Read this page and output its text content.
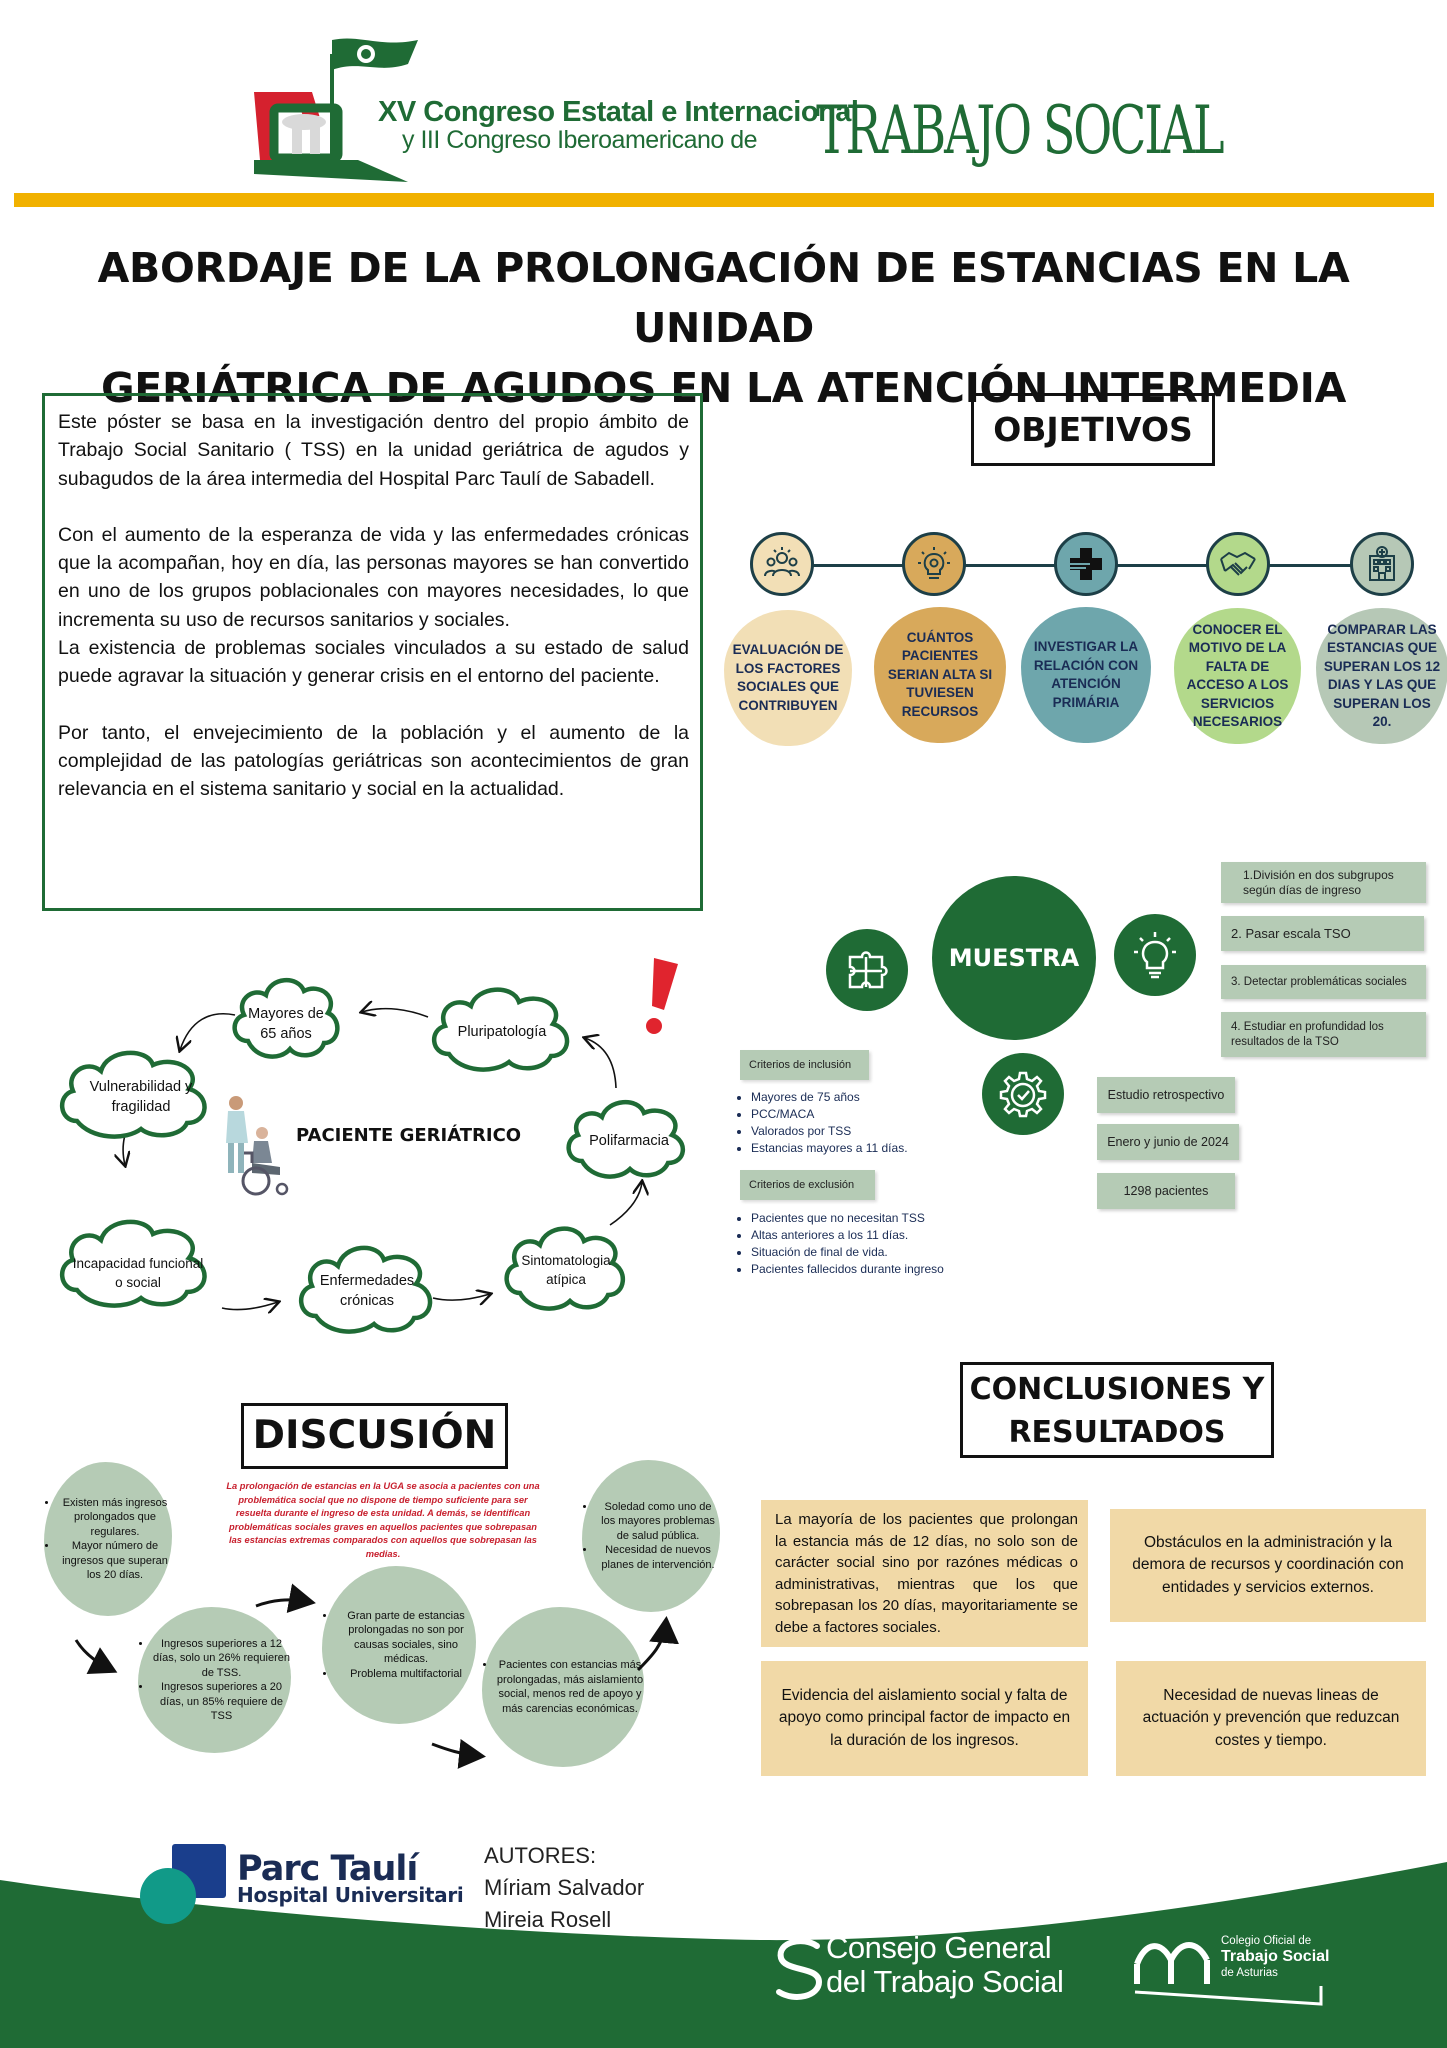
XV Congreso Estatal e Internacional
y III Congreso Iberoamericano de TRABAJO SOCIAL
ABORDAJE DE LA PROLONGACIÓN DE ESTANCIAS EN LA UNIDAD
GERIÁTRICA DE AGUDOS EN LA ATENCIÓN INTERMEDIA

Este póster se basa en la investigación dentro del propio ámbito de Trabajo Social Sanitario ( TSS) en la unidad geriátrica de agudos y subagudos de la área intermedia del Hospital Parc Taulí de Sabadell.

Con el aumento de la esperanza de vida y las enfermedades crónicas que la acompañan, hoy en día, las personas mayores se han convertido en uno de los grupos poblacionales con mayores necesidades, lo que incrementa su uso de recursos sanitarios y sociales.

La existencia de problemas sociales vinculados a su estado de salud puede agravar la situación y generar crisis en el entorno del paciente.

Por tanto, el envejecimiento de la población y el aumento de la complejidad de las patologías geriátricas son acontecimientos de gran relevancia en el sistema sanitario y social en la actualidad.

OBJETIVOS
EVALUACIÓN DE LOS FACTORES SOCIALES QUE CONTRIBUYEN
CUÁNTOS PACIENTES SERIAN ALTA SI TUVIESEN RECURSOS
INVESTIGAR LA RELACIÓN CON ATENCIÓN PRIMÁRIA
CONOCER EL MOTIVO DE LA FALTA DE ACCESO A LOS SERVICIOS NECESARIOS
COMPARAR LAS ESTANCIAS QUE SUPERAN LOS 12 DIAS Y LAS QUE SUPERAN LOS 20.
1.División en dos subgrupos según días de ingreso
2. Pasar escala TSO
3. Detectar problemáticas sociales
4. Estudiar en profundidad los resultados de la TSO
MUESTRA
Criterios de inclusión
• Mayores de 75 años
• PCC/MACA
• Valorados por TSS
• Estancias mayores a 11 días.
Criterios de exclusión
• Pacientes que no necesitan TSS
• Altas anteriores a los 11 días.
• Situación de final de vida.
• Pacientes fallecidos durante ingreso
Estudio retrospectivo
Enero y junio de 2024
1298 pacientes
Mayores de 65 años	Pluripatología
Vulnerabilidad y fragilidad
Polifarmacia
Incapacidad funcional o social	Enfermedades crónicas
Sintomatologia atípica
PACIENTE GERIÁTRICO
DISCUSIÓN
La prolongación de estancias en la UGA se asocia a pacientes con una problemática social que no dispone de tiempo suficiente para ser resuelta durante el ingreso de esta unidad. A demás, se identifican problemáticas sociales graves en aquellos pacientes que sobrepasan las estancias extremas comparados con aquellos que sobrepasan las medias.
• Existen más ingresos prolongados que regulares.
• Mayor número de ingresos que superan los 20 días.
• Ingresos superiores a 12 días, solo un 26% requieren de TSS.
• Ingresos superiores a 20 días, un 85% requiere de TSS
• Gran parte de estancias prolongadas no son por causas sociales, sino médicas.
• Problema multifactorial
• Pacientes con estancias más prolongadas, más aislamiento social, menos red de apoyo y más carencias económicas.
• Soledad como uno de los mayores problemas de salud pública.
• Necesidad de nuevos planes de intervención.
CONCLUSIONES Y RESULTADOS
La mayoría de los pacientes que prolongan la estancia más de 12 días, no solo son de carácter social sino por razónes médicas o administrativas, mientras que los que sobrepasan los 20 días, mayoritariamente se debe a factores sociales.
Obstáculos en la administración y la demora de recursos y coordinación con entidades y servicios externos.
Evidencia del aislamiento social y falta de apoyo como principal factor de impacto en la duración de los ingresos.
Necesidad de nuevas lineas de actuación y prevención que reduzcan costes y tiempo.
Parc Taulí
Hospital Universitari
AUTORES:
Míriam Salvador
Mireia Rosell
Consejo General
del Trabajo Social
Colegio Oficial de
Trabajo Social
de Asturias
